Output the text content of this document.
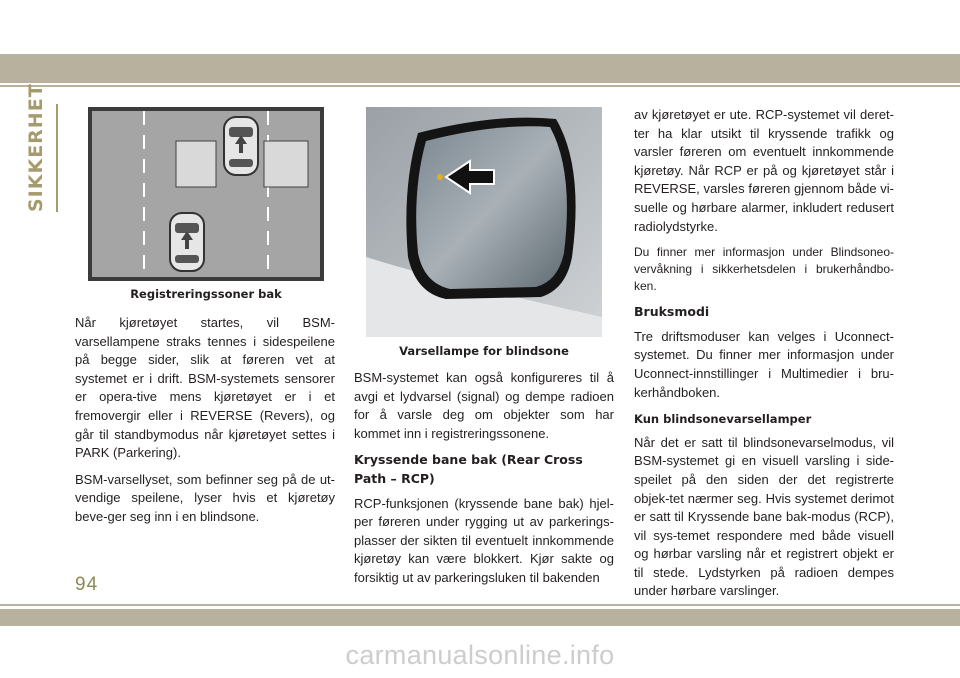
SIKKERHET
Registreringssoner bak
Varsellampe for blindsone

Når kjøretøyet startes, vil BSM-varsellampene straks tennes i sidespeilene på begge sider, slik at føreren vet at systemet er i drift. BSM-systemets sensorer er opera-tive mens kjøretøyet er i et fremovergir eller i REVERSE (Revers), og går til standbymodus når kjøretøyet settes i PARK (Parkering).

BSM-varsellyset, som befinner seg på de ut-vendige speilene, lyser hvis et kjøretøy beve-ger seg inn i en blindsone.

BSM-systemet kan også konfigureres til å avgi et lydvarsel (signal) og dempe radioen for å varsle deg om objekter som har kommet inn i registreringssonene.

Kryssende bane bak (Rear Cross Path – RCP)

RCP-funksjonen (kryssende bane bak) hjel-per føreren under rygging ut av parkerings-plasser der sikten til eventuelt innkommende kjøretøy kan være blokkert. Kjør sakte og forsiktig ut av parkeringsluken til bakenden

av kjøretøyet er ute. RCP-systemet vil deret-ter ha klar utsikt til kryssende trafikk og varsler føreren om eventuelt innkommende kjøretøy. Når RCP er på og kjøretøyet står i REVERSE, varsles føreren gjennom både vi-suelle og hørbare alarmer, inkludert redusert radiolydstyrke.

Du finner mer informasjon under Blindsoneo-vervåkning i sikkerhetsdelen i brukerhåndbo-ken.

Bruksmodi

Tre driftsmoduser kan velges i Uconnect-systemet. Du finner mer informasjon under Uconnect-innstillinger i Multimedier i bru-kerhåndboken.

Kun blindsonevarsellamper

Når det er satt til blindsonevarselmodus, vil BSM-systemet gi en visuell varsling i side-speilet på den siden der det registrerte objek-tet nærmer seg. Hvis systemet derimot er satt til Kryssende bane bak-modus (RCP), vil sys-temet respondere med både visuell og hørbar varsling når et registrert objekt er til stede. Lydstyrken på radioen dempes under hørbare varslinger.

94
carmanualsonline.info
